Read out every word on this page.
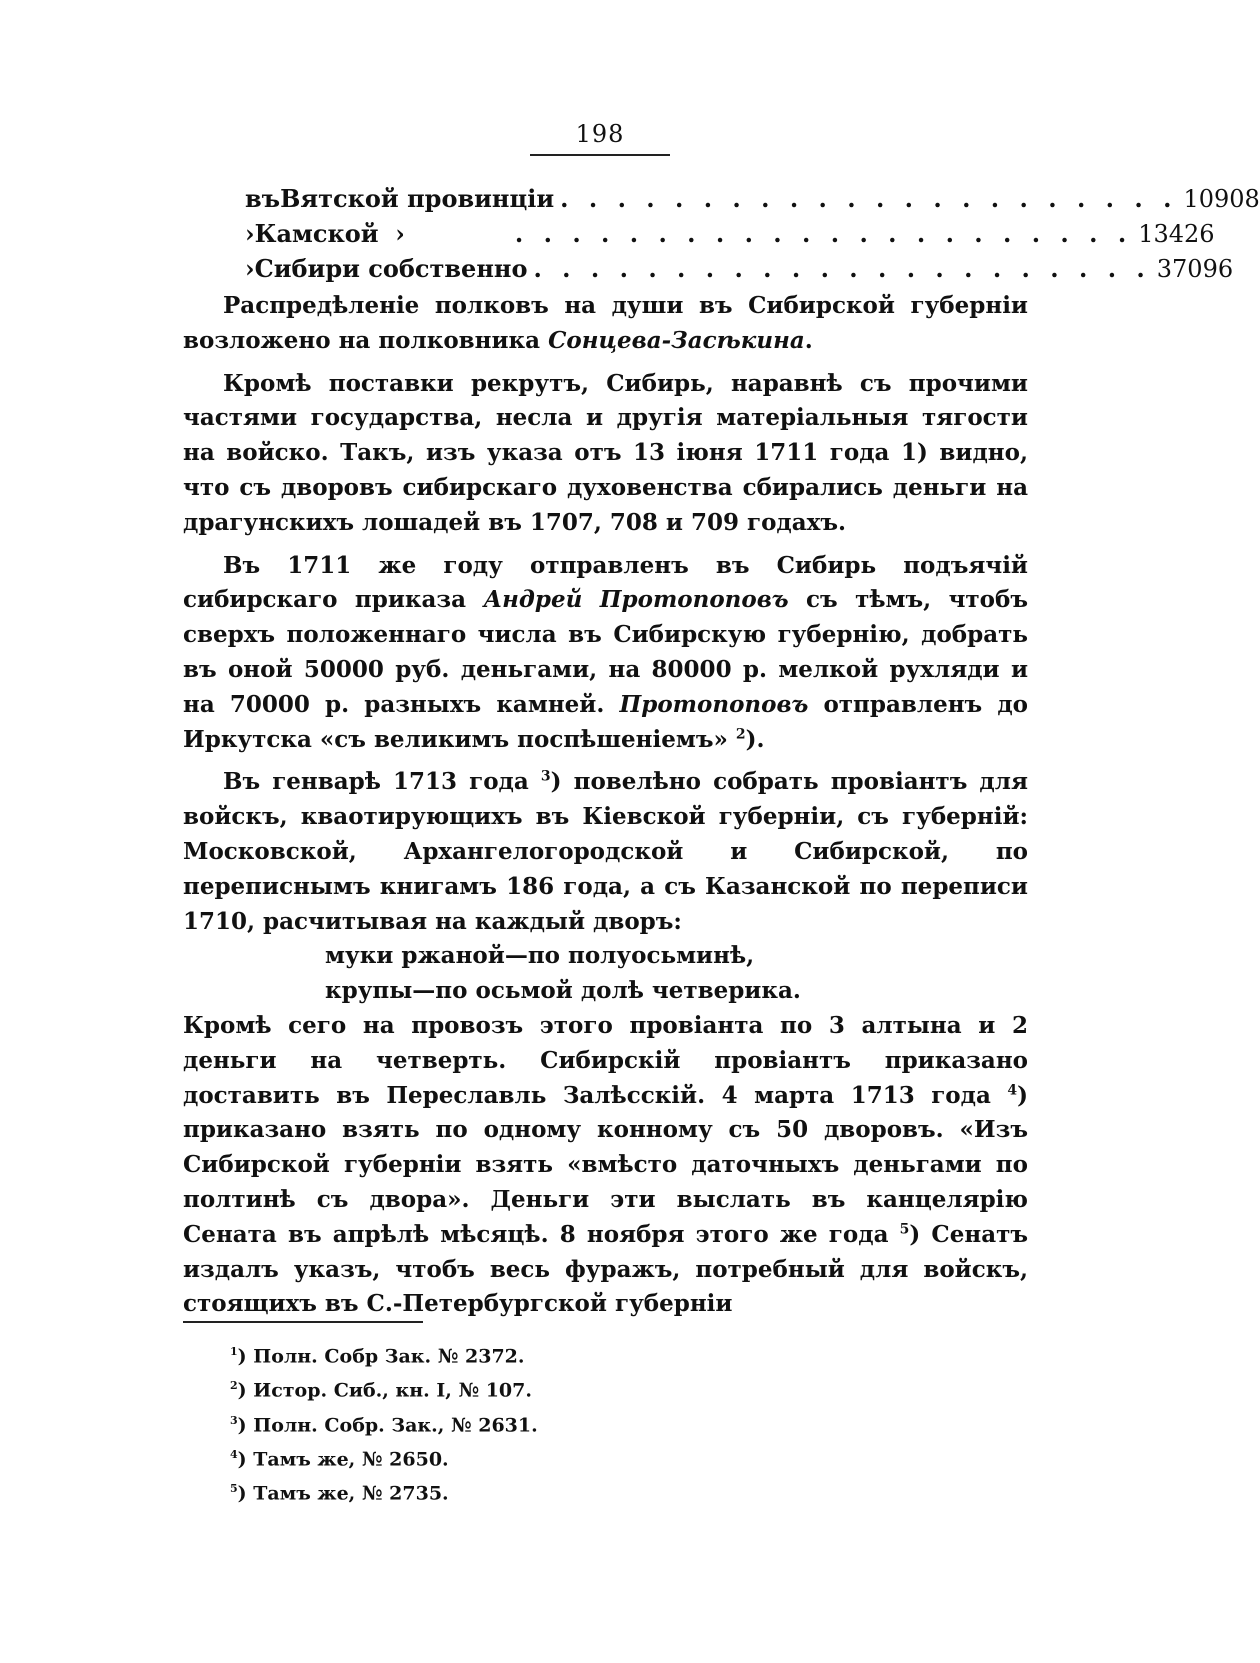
198
въ Вятской провинціи . . . . . . . . . . . . . . . . . . . . . . 10908
› Камской  ›	. . . . . . . . . . . . . . . . . . . . . . 13426
› Сибири собственно . . . . . . . . . . . . . . . . . . . . . . 37096

Распредѣленіе полковъ на души въ Сибирской губерніи возложено на полковника Сонцева-Засѣкина.

Кромѣ поставки рекрутъ, Сибирь, наравнѣ съ прочими частями государства, несла и другія матеріальныя тягости на войско. Такъ, изъ указа отъ 13 іюня 1711 года 1) видно, что съ дворовъ сибирскаго духовенства сбирались деньги на драгунскихъ лошадей въ 1707, 708 и 709 годахъ.

Въ 1711 же году отправленъ въ Сибирь подъячій сибирскаго приказа Андрей Протопоповъ съ тѣмъ, чтобъ сверхъ положеннаго числа въ Сибирскую губернію, добрать въ оной 50000 руб. деньгами, на 80000 р. мелкой рухляди и на 70000 р. разныхъ камней. Протопоповъ отправленъ до Иркутска «съ великимъ поспѣшеніемъ» $^2$).

Въ генварѣ 1713 года $^3$) повелѣно собрать провіантъ для войскъ, кваотирующихъ въ Кіевской губерніи, съ губерній: Московской, Архангелогородской и Сибирской, по переписнымъ книгамъ 186 года, а съ Казанской по переписи 1710, расчитывая на каждый дворъ:

муки ржаной—по полуосьминѣ,

крупы—по осьмой долѣ четверика.

Кромѣ сего на провозъ этого провіанта по 3 алтына и 2 деньги на четверть. Сибирскій провіантъ приказано доставить въ Переславль Залѣсскій. 4 марта 1713 года $^4$) приказано взять по одному конному съ 50 дворовъ. «Изъ Сибирской губерніи взять «вмѣсто даточныхъ деньгами по полтинѣ съ двора». Деньги эти выслать въ канцелярію Сената въ апрѣлѣ мѣсяцѣ. 8 ноября этого же года $^5$) Сенатъ издалъ указъ, чтобъ весь фуражъ, потребный для войскъ, стоящихъ въ С.-Петербургской губерніи

$^1$) Полн. Собр Зак. № 2372.
$^2$) Истор. Сиб., кн. I, № 107.
$^3$) Полн. Собр. Зак., № 2631.
$^4$) Тамъ же, № 2650.
$^5$) Тамъ же, № 2735.
